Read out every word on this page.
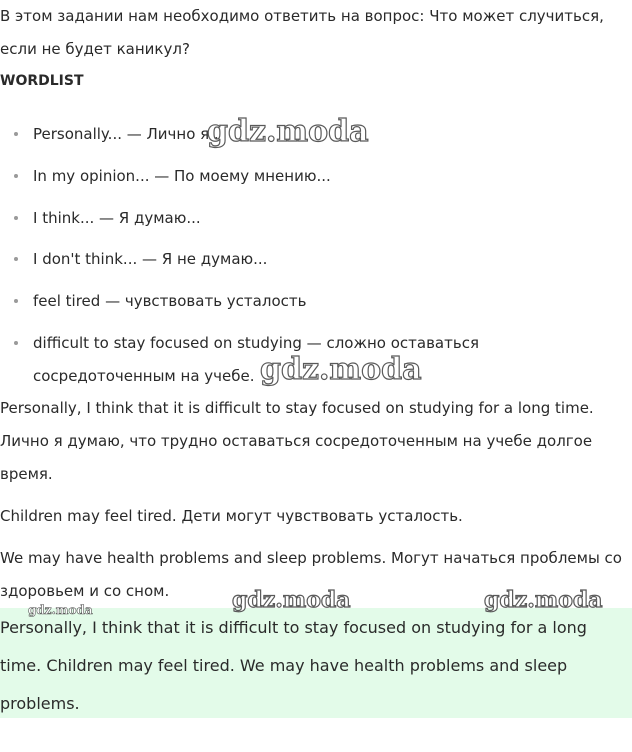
В этом задании нам необходимо ответить на вопрос: Что может случиться,

если не будет каникул?

WORDLIST
Personally... — Лично я...
In my opinion... — По моему мнению...
I think... — Я думаю...
I don't think... — Я не думаю...
feel tired — чувствовать усталость
difficult to stay focused on studying — сложно оставаться
сосредоточенным на учебе.

Personally, I think that it is difficult to stay focused on studying for a long time.

Лично я думаю, что трудно оставаться сосредоточенным на учебе долгое

время.

Children may feel tired. Дети могут чувствовать усталость.

We may have health problems and sleep problems. Могут начаться проблемы со

здоровьем и со сном.

Personally, I think that it is difficult to stay focused on studying for a long

time. Children may feel tired. We may have health problems and sleep

problems.

gdz.moda
gdz.moda
gdz.moda	gdz.moda
gdz.moda
